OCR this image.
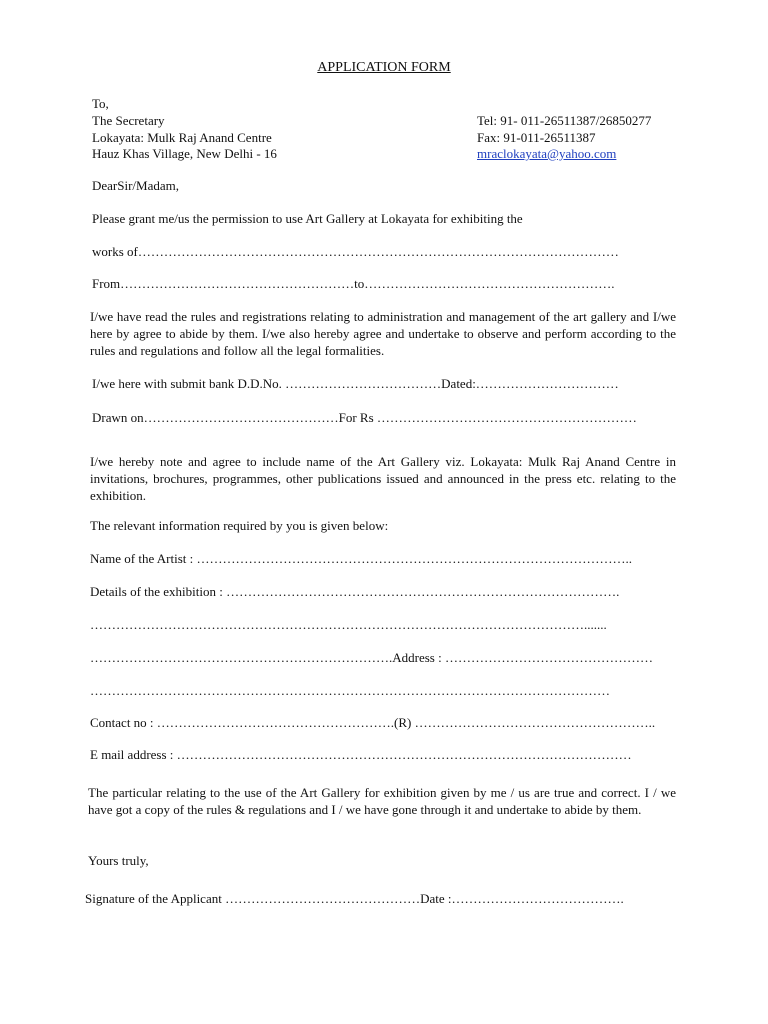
APPLICATION FORM
To,
The Secretary
Lokayata: Mulk Raj Anand Centre
Hauz Khas Village, New Delhi - 16
Tel: 91- 011-26511387/26850277
Fax: 91-011-26511387
mraclokayata@yahoo.com
DearSir/Madam,
Please grant me/us the permission to use Art Gallery at Lokayata for exhibiting the
works of…………………………………………………………………………………………………
From………………………………………………to………………………………………………….
I/we have read the rules and registrations relating to administration and management of the art gallery and I/we here by agree to abide by them. I/we also hereby agree and undertake to observe and perform according to the rules and regulations and follow all the legal formalities.
I/we here with submit bank D.D.No. ………………………………Dated:……………………………
Drawn on………………………………………For Rs ……………………………………………………
I/we hereby note and agree to include name of the Art Gallery viz. Lokayata: Mulk Raj Anand Centre in invitations, brochures, programmes, other publications issued and announced in the press etc. relating to the exhibition.
The relevant information required by you is given below:
Name of the Artist : ………………………………………………………………………………………..
Details of the exhibition : ……………………………………………………………………………….
…………………………………………………………………………………………………….......
…………………………………………………………….Address : …………………………………………
…………………………………………………………………………………………………………
Contact no : ……………………………………………….(R) ………………………………………………..
E mail address : ……………………………………………………………………………………………
The particular relating to the use of the Art Gallery for exhibition given by me / us are true and correct. I / we have got a copy of the rules & regulations and I / we have gone through it and undertake to abide by them.
Yours truly,
Signature of the Applicant ………………………………………Date :………………………………….
